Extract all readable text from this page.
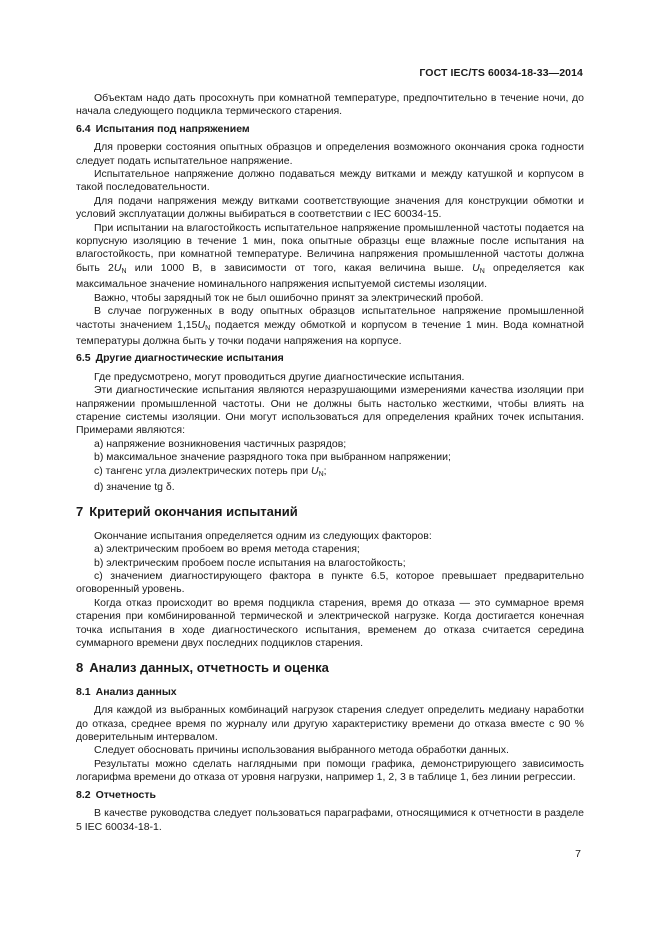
ГОСТ IEC/TS 60034-18-33—2014

Объектам надо дать просохнуть при комнатной температуре, предпочтительно в течение ночи, до начала следующего подцикла термического старения.

6.4 Испытания под напряжением

Для проверки состояния опытных образцов и определения возможного окончания срока годности следует подать испытательное напряжение.

Испытательное напряжение должно подаваться между витками и между катушкой и корпусом в такой последовательности.

Для подачи напряжения между витками соответствующие значения для конструкции обмотки и условий эксплуатации должны выбираться в соответствии с IEC 60034-15.

При испытании на влагостойкость испытательное напряжение промышленной частоты подается на корпусную изоляцию в течение 1 мин, пока опытные образцы еще влажные после испытания на влагостойкость, при комнатной температуре. Величина напряжения промышленной частоты должна быть $2U_N$ или 1000 В, в зависимости от того, какая величина выше. $U_N$ определяется как максимальное значение номинального напряжения испытуемой системы изоляции.

Важно, чтобы зарядный ток не был ошибочно принят за электрический пробой.

В случае погруженных в воду опытных образцов испытательное напряжение промышленной частоты значением $1,15U_N$ подается между обмоткой и корпусом в течение 1 мин. Вода комнатной температуры должна быть у точки подачи напряжения на корпусе.

6.5 Другие диагностические испытания

Где предусмотрено, могут проводиться другие диагностические испытания.

Эти диагностические испытания являются неразрушающими измерениями качества изоляции при напряжении промышленной частоты. Они не должны быть настолько жесткими, чтобы влиять на старение системы изоляции. Они могут использоваться для определения крайних точек испытания. Примерами являются:

a) напряжение возникновения частичных разрядов;

b) максимальное значение разрядного тока при выбранном напряжении;

c) тангенс угла диэлектрических потерь при $U_N$;

d) значение tg δ.

7 Критерий окончания испытаний

Окончание испытания определяется одним из следующих факторов:

a) электрическим пробоем во время метода старения;

b) электрическим пробоем после испытания на влагостойкость;

c) значением диагностирующего фактора в пункте 6.5, которое превышает предварительно оговоренный уровень.

Когда отказ происходит во время подцикла старения, время до отказа — это суммарное время старения при комбинированной термической и электрической нагрузке. Когда достигается конечная точка испытания в ходе диагностического испытания, временем до отказа считается середина суммарного времени двух последних подциклов старения.

8 Анализ данных, отчетность и оценка
8.1 Анализ данных

Для каждой из выбранных комбинаций нагрузок старения следует определить медиану наработки до отказа, среднее время по журналу или другую характеристику времени до отказа вместе с 90 % доверительным интервалом.

Следует обосновать причины использования выбранного метода обработки данных.

Результаты можно сделать наглядными при помощи графика, демонстрирующего зависимость логарифма времени до отказа от уровня нагрузки, например 1, 2, 3 в таблице 1, без линии регрессии.

8.2 Отчетность

В качестве руководства следует пользоваться параграфами, относящимися к отчетности в разделе 5 IEC 60034-18-1.

7
